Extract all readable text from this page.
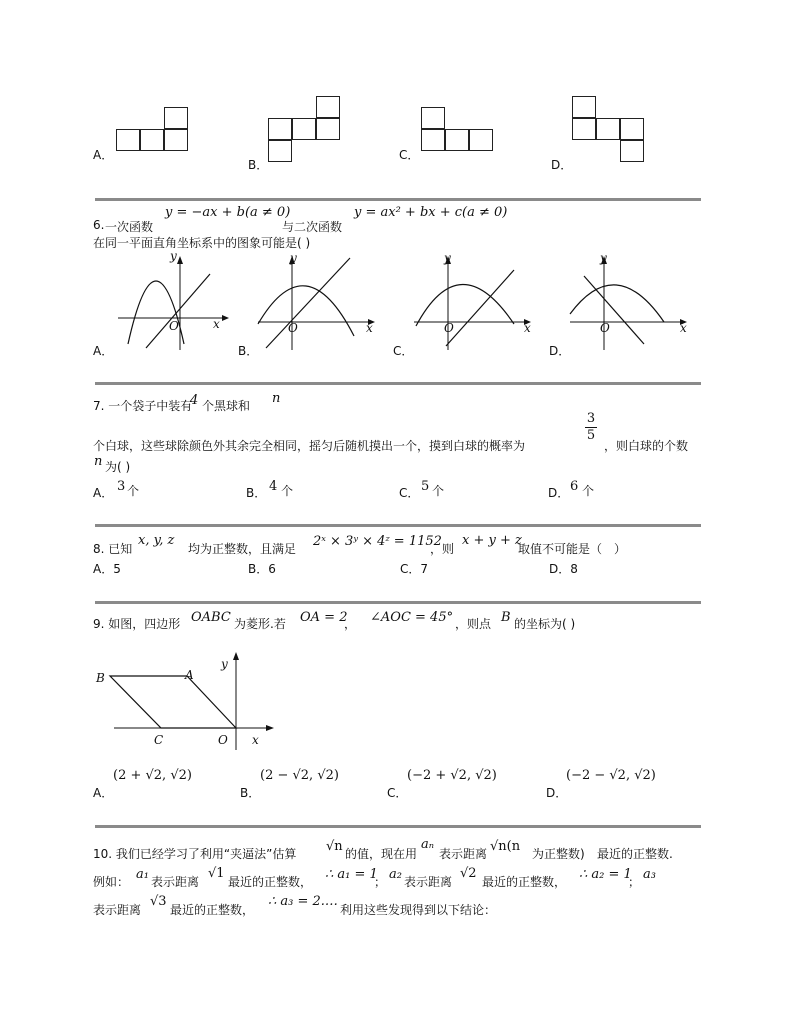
A．
B．
C．
D．
6. 一次函数
y = −ax + b(a ≠ 0)
与二次函数
y = ax² + bx + c(a ≠ 0)
在同一平面直角坐标系中的图象可能是( )
A．
y
x
O
B．
y
x
O
C．
y
x
O
D．
y
x
O
7. 一个袋子中装有
4 个黑球和 n
个白球，这些球除颜色外其余完全相同，摇匀后随机摸出一个，摸到白球的概率为
3
5
，则白球的个数
n 为( )
A． 3 个	B． 4 个	C． 5 个	D． 6 个
8. 已知
x, y, z
均为正整数，且满足 2ˣ × 3ʸ × 4ᶻ = 1152
，则
x + y + z
取值不可能是（　）
A．5	B．6	C．7	D．8
9. 如图，四边形 OABC 为菱形.若 OA = 2
， ∠AOC = 45° ，则点 B 的坐标为( )
B	A
C	O x
y
A．
(2 + √2, √2)
B．
(2 − √2, √2)
C．
(−2 + √2, √2)
D．
(−2 − √2, √2)
10. 我们已经学习了利用“夹逼法”估算 √n 的值，现在用
aₙ
表示距离 √n(n 为正整数) 最近的正整数.
例如： a₁ 表示距离
√1
最近的正整数， ∴ a₁ = 1
； a₂ 表示距离
√2
最近的正整数， ∴ a₂ = 1
； a₃
表示距离
√3
最近的正整数，
∴ a₃ = 2.…
利用这些发现得到以下结论：
